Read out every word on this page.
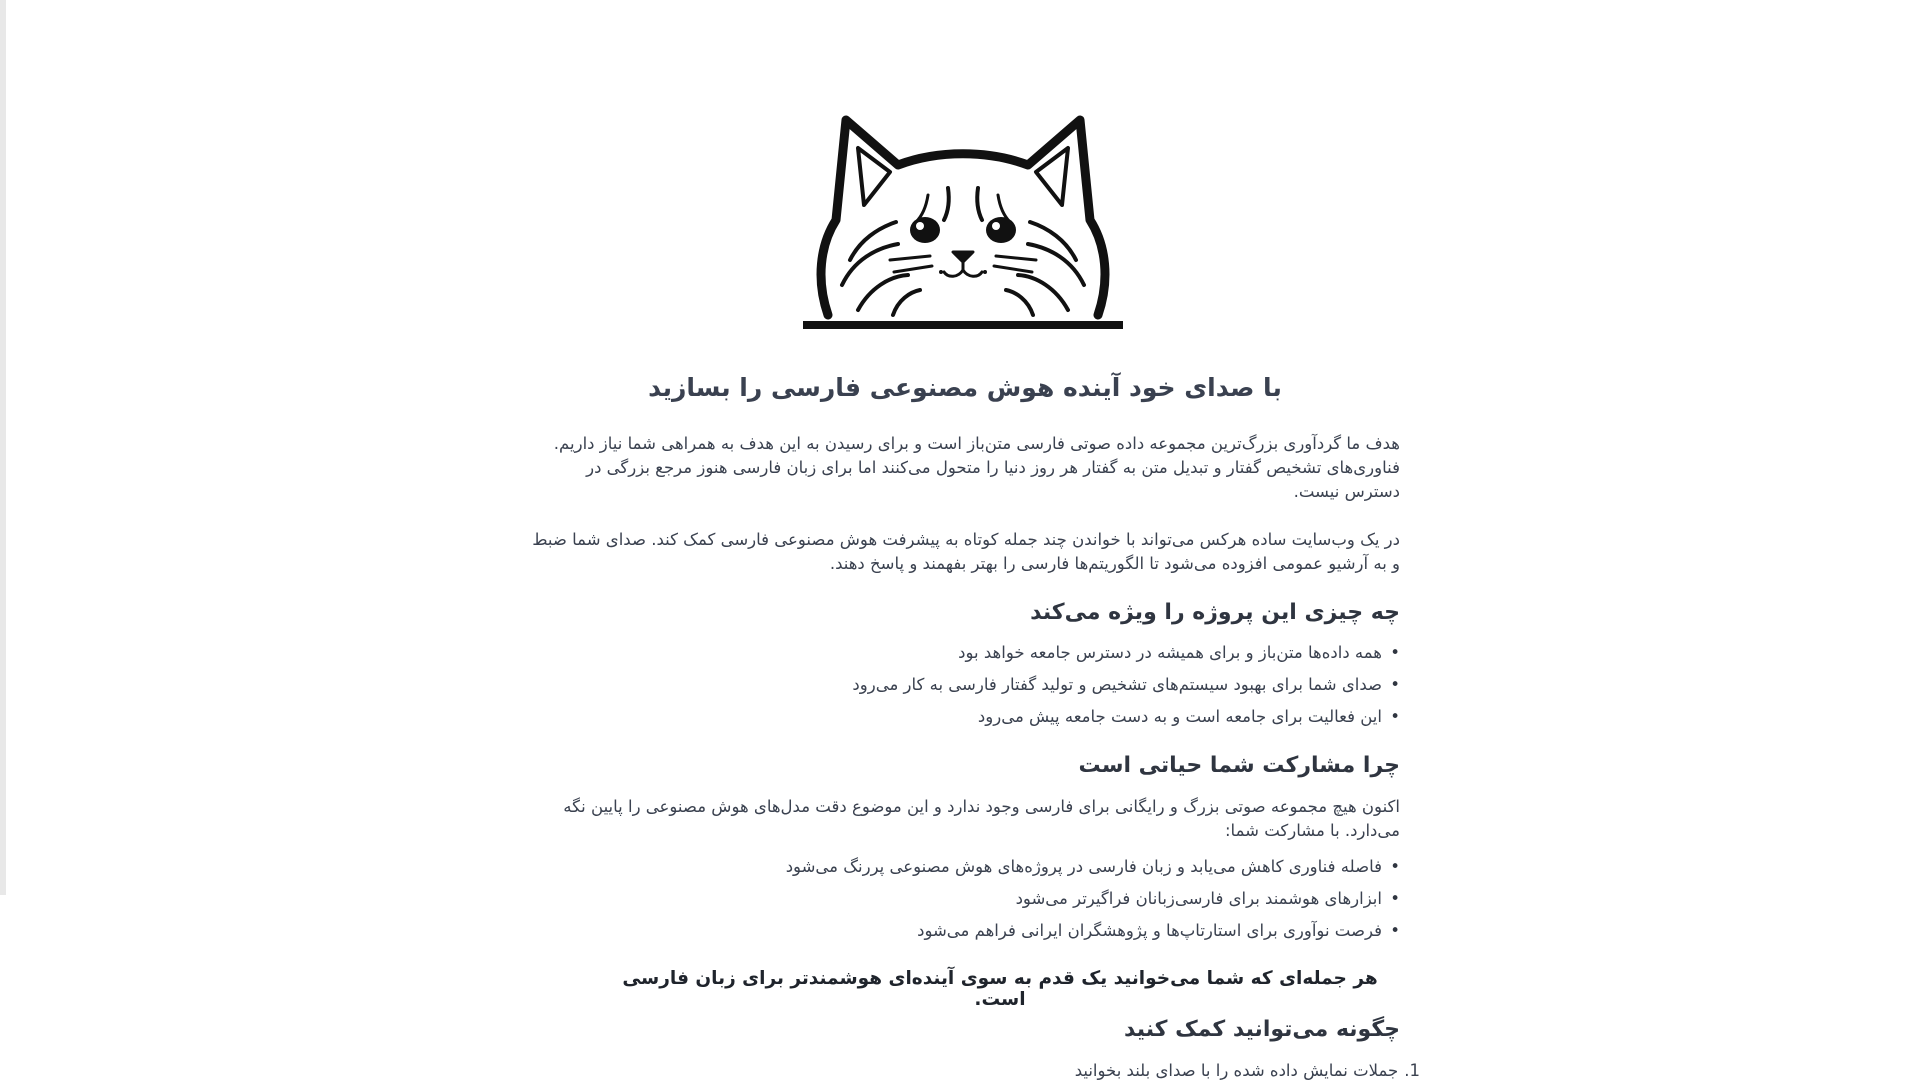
با صدای خود آینده هوش مصنوعی فارسی را بسازید

هدف ما گردآوری بزرگ‌ترین مجموعه داده صوتی فارسی متن‌باز است و برای رسیدن به این هدف به همراهی شما نیاز داریم. فناوری‌های تشخیص گفتار و تبدیل متن به گفتار هر روز دنیا را متحول می‌کنند اما برای زبان فارسی هنوز مرجع بزرگی در دسترس نیست.

در یک وب‌سایت ساده هرکس می‌تواند با خواندن چند جمله کوتاه به پیشرفت هوش مصنوعی فارسی کمک کند. صدای شما ضبط و به آرشیو عمومی افزوده می‌شود تا الگوریتم‌ها فارسی را بهتر بفهمند و پاسخ دهند.

چه چیزی این پروژه را ویژه می‌کند
• همه داده‌ها متن‌باز و برای همیشه در دسترس جامعه خواهد بود
• صدای شما برای بهبود سیستم‌های تشخیص و تولید گفتار فارسی به کار می‌رود
• این فعالیت برای جامعه است و به دست جامعه پیش می‌رود
چرا مشارکت شما حیاتی است

اکنون هیچ مجموعه صوتی بزرگ و رایگانی برای فارسی وجود ندارد و این موضوع دقت مدل‌های هوش مصنوعی را پایین نگه می‌دارد. با مشارکت شما:

• فاصله فناوری کاهش می‌یابد و زبان فارسی در پروژه‌های هوش مصنوعی پررنگ می‌شود
• ابزارهای هوشمند برای فارسی‌زبانان فراگیرتر می‌شود
• فرصت نوآوری برای استارتاپ‌ها و پژوهشگران ایرانی فراهم می‌شود

هر جمله‌ای که شما می‌خوانید یک قدم به سوی آینده‌ای هوشمندتر برای زبان فارسی است.

چگونه می‌توانید کمک کنید
1.جملات نمایش داده شده را با صدای بلند بخوانید
